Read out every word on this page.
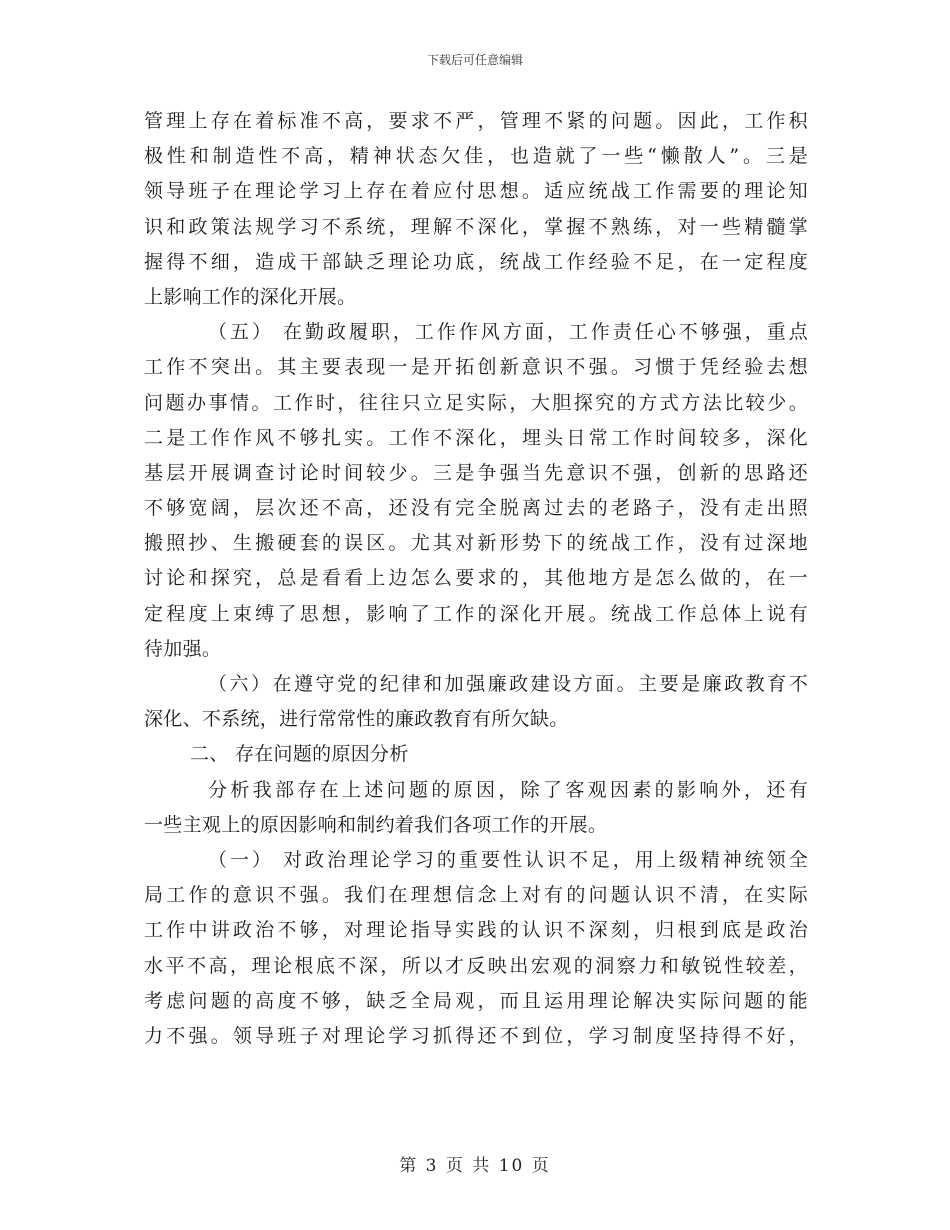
下载后可任意编辑
管理上存在着标准不高，要求不严，管理不紧的问题。因此，工作积
极性和制造性不高，精神状态欠佳，也造就了一些“懒散人”。三是
领导班子在理论学习上存在着应付思想。适应统战工作需要的理论知
识和政策法规学习不系统，理解不深化，掌握不熟练，对一些精髓掌
握得不细，造成干部缺乏理论功底，统战工作经验不足，在一定程度
上影响工作的深化开展。
（五） 在勤政履职，工作作风方面，工作责任心不够强，重点
工作不突出。其主要表现一是开拓创新意识不强。习惯于凭经验去想
问题办事情。工作时，往往只立足实际，大胆探究的方式方法比较少。
二是工作作风不够扎实。工作不深化，埋头日常工作时间较多，深化
基层开展调查讨论时间较少。三是争强当先意识不强，创新的思路还
不够宽阔，层次还不高，还没有完全脱离过去的老路子，没有走出照
搬照抄、生搬硬套的误区。尤其对新形势下的统战工作，没有过深地
讨论和探究，总是看看上边怎么要求的，其他地方是怎么做的，在一
定程度上束缚了思想，影响了工作的深化开展。统战工作总体上说有
待加强。
（六）在遵守党的纪律和加强廉政建设方面。主要是廉政教育不
深化、不系统，进行常常性的廉政教育有所欠缺。
二、 存在问题的原因分析
分析我部存在上述问题的原因，除了客观因素的影响外，还有
一些主观上的原因影响和制约着我们各项工作的开展。
（一） 对政治理论学习的重要性认识不足，用上级精神统领全
局工作的意识不强。我们在理想信念上对有的问题认识不清，在实际
工作中讲政治不够，对理论指导实践的认识不深刻，归根到底是政治
水平不高，理论根底不深，所以才反映出宏观的洞察力和敏锐性较差，
考虑问题的高度不够，缺乏全局观，而且运用理论解决实际问题的能
力不强。领导班子对理论学习抓得还不到位，学习制度坚持得不好，
第 3 页 共 10 页
